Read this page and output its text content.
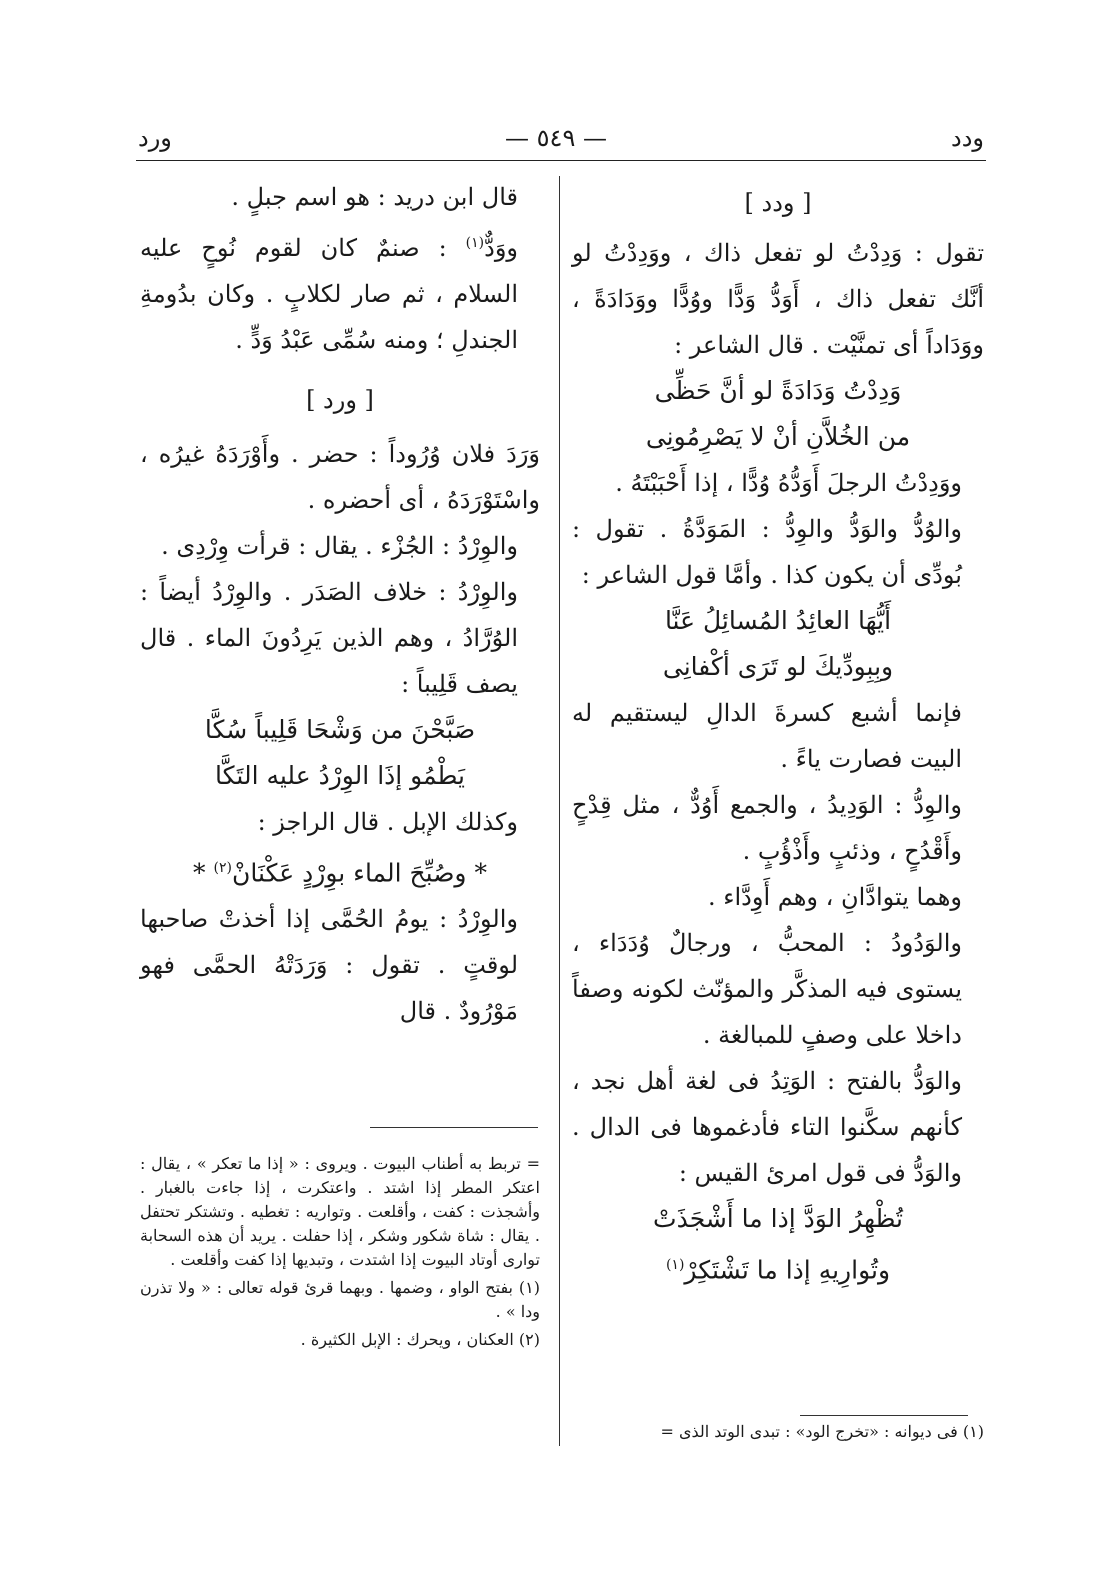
ودد
— ٥٤٩ —
ورد

[ ودد ]

تقول : وَدِدْتُ لو تفعل ذاك ، ووَدِدْتُ لو أنَّك تفعل ذاك ، أَوَدُّ وَدًّا ووُدًّا ووَدَادَةً ، ووَدَاداً أى تمنَّيْت . قال الشاعر :

وَدِدْتُ وَدَادَةً لو أنَّ حَظِّى

من الخُلاَّنِ أنْ لا يَصْرِمُونِى

ووَدِدْتُ الرجلَ أَوَدُّهُ وُدًّا ، إذا أَحْبَبْتَهُ .

والوُدُّ والوَدُّ والوِدُّ : المَوَدَّةُ . تقول : بُودِّى أن يكون كذا . وأمَّا قول الشاعر :

أَيُّهَا العائِدُ المُسائِلُ عَنَّا

وبِبِودِّيكَ لو تَرَى أكْفانِى

فإنما أشبع كسرةَ الدالِ ليستقيم له البيت فصارت ياءً .

والوِدُّ : الوَدِيدُ ، والجمع أَوُدٌّ ، مثل قِدْحٍ وأَقْدُحٍ ، وذئبٍ وأَذْؤُبٍ .

وهما يتوادَّانِ ، وهم أَوِدَّاء .

والوَدُودُ : المحبُّ ، ورجالٌ وُدَدَاء ، يستوى فيه المذكَّر والمؤنّث لكونه وصفاً داخلا على وصفٍ للمبالغة .

والوَدُّ بالفتح : الوَتِدُ فى لغة أهل نجد ، كأنهم سكَّنوا التاء فأدغموها فى الدال . والوَدُّ فى قول امرئ القيس :

تُظْهِرُ الوَدَّ إذا ما أَشْجَذَتْ

وتُوارِيهِ إذا ما تَشْتَكِرْ$^{(١)}$

قال ابن دريد : هو اسم جبلٍ .

ووَدٌّ$^{(١)}$ : صنمٌ كان لقوم نُوحٍ عليه السلام ، ثم صار لكلابٍ . وكان بدُومةِ الجندلِ ؛ ومنه سُمِّى عَبْدُ وَدٍّ .

[ ورد ]

وَرَدَ فلان وُرُوداً : حضر . وأَوْرَدَهُ غيرُه ، واسْتَوْرَدَهُ ، أى أحضره .

والوِرْدُ : الجُزْء . يقال : قرأت وِرْدِى .

والوِرْدُ : خلاف الصَدَر . والوِرْدُ أيضاً : الوُرَّادُ ، وهم الذين يَرِدُونَ الماء . قال يصف قَلِيباً :

صَبَّحْنَ من وَشْحَا قَلِيباً سُكَّا

يَطْمُو إذَا الوِرْدُ عليه التَكَّا

وكذلك الإبل . قال الراجز :

* وصُبِّحَ الماء بوِرْدٍ عَكْنَانْ$^{(٢)}$ *

والوِرْدُ : يومُ الحُمَّى إذا أخذتْ صاحبها لوقتٍ . تقول : وَرَدَتْهُ الحمَّى فهو مَوْرُودٌ . قال

= تربط به أطناب البيوت . ويروى : « إذا ما تعكر » ، يقال : اعتكر المطر إذا اشتد . واعتكرت ، إذا جاءت بالغبار . وأشجذت : كفت ، وأقلعت . وتواريه : تغطيه . وتشتكر تحتفل . يقال : شاة شكور وشكر ، إذا حفلت . يريد أن هذه السحابة توارى أوتاد البيوت إذا اشتدت ، وتبديها إذا كفت وأقلعت .

(١) بفتح الواو ، وضمها . وبهما قرئ قوله تعالى : « ولا تذرن ودا » .

(٢) العكنان ، ويحرك : الإبل الكثيرة .

(١) فى ديوانه : «تخرج الود» : تبدى الوتد الذى =
